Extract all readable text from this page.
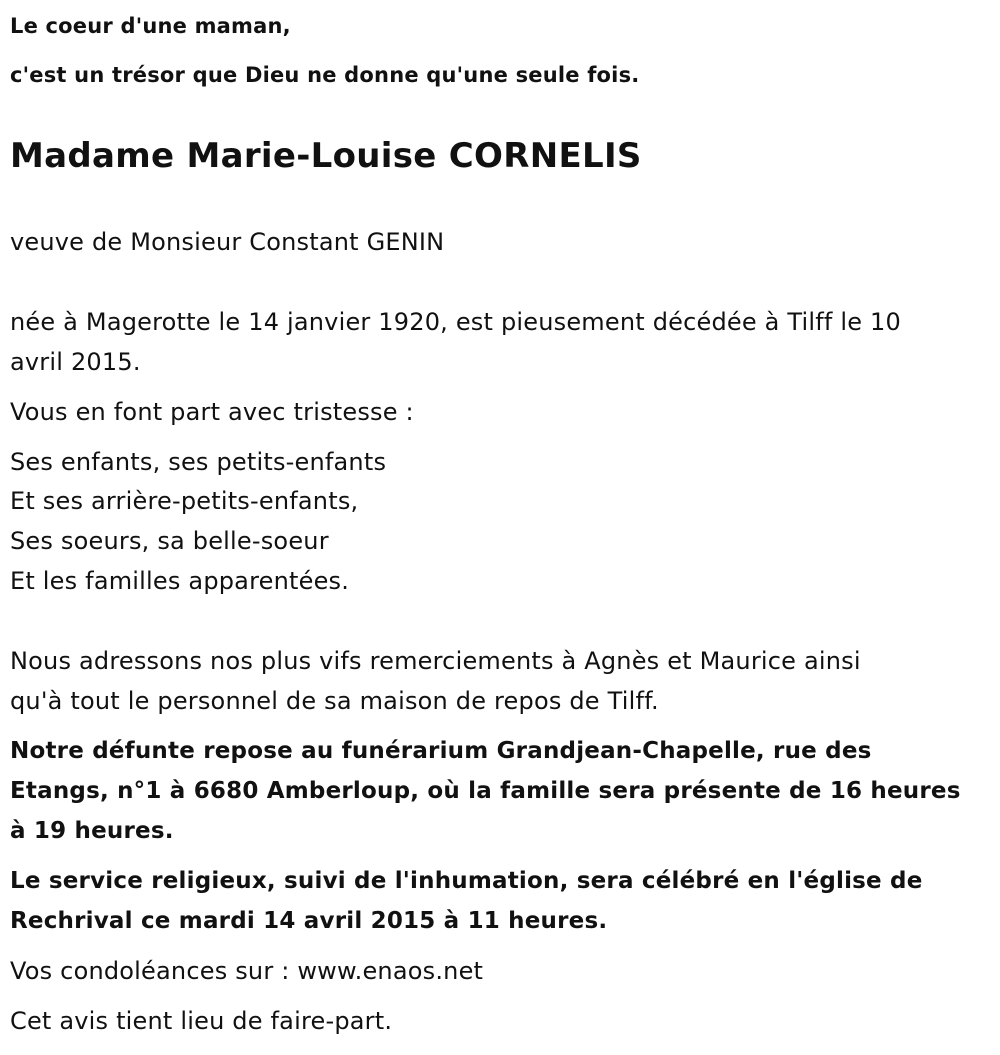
Le coeur d'une maman,
c'est un trésor que Dieu ne donne qu'une seule fois.
Madame Marie-Louise CORNELIS
veuve de Monsieur Constant GENIN
née à Magerotte le 14 janvier 1920, est pieusement décédée à Tilff le 10
avril 2015.
Vous en font part avec tristesse :
Ses enfants, ses petits-enfants
Et ses arrière-petits-enfants,
Ses soeurs, sa belle-soeur
Et les familles apparentées.
Nous adressons nos plus vifs remerciements à Agnès et Maurice ainsi
qu'à tout le personnel de sa maison de repos de Tilff.
Notre défunte repose au funérarium Grandjean-Chapelle, rue des
Etangs, n°1 à 6680 Amberloup, où la famille sera présente de 16 heures
à 19 heures.
Le service religieux, suivi de l'inhumation, sera célébré en l'église de
Rechrival ce mardi 14 avril 2015 à 11 heures.
Vos condoléances sur : www.enaos.net
Cet avis tient lieu de faire-part.
